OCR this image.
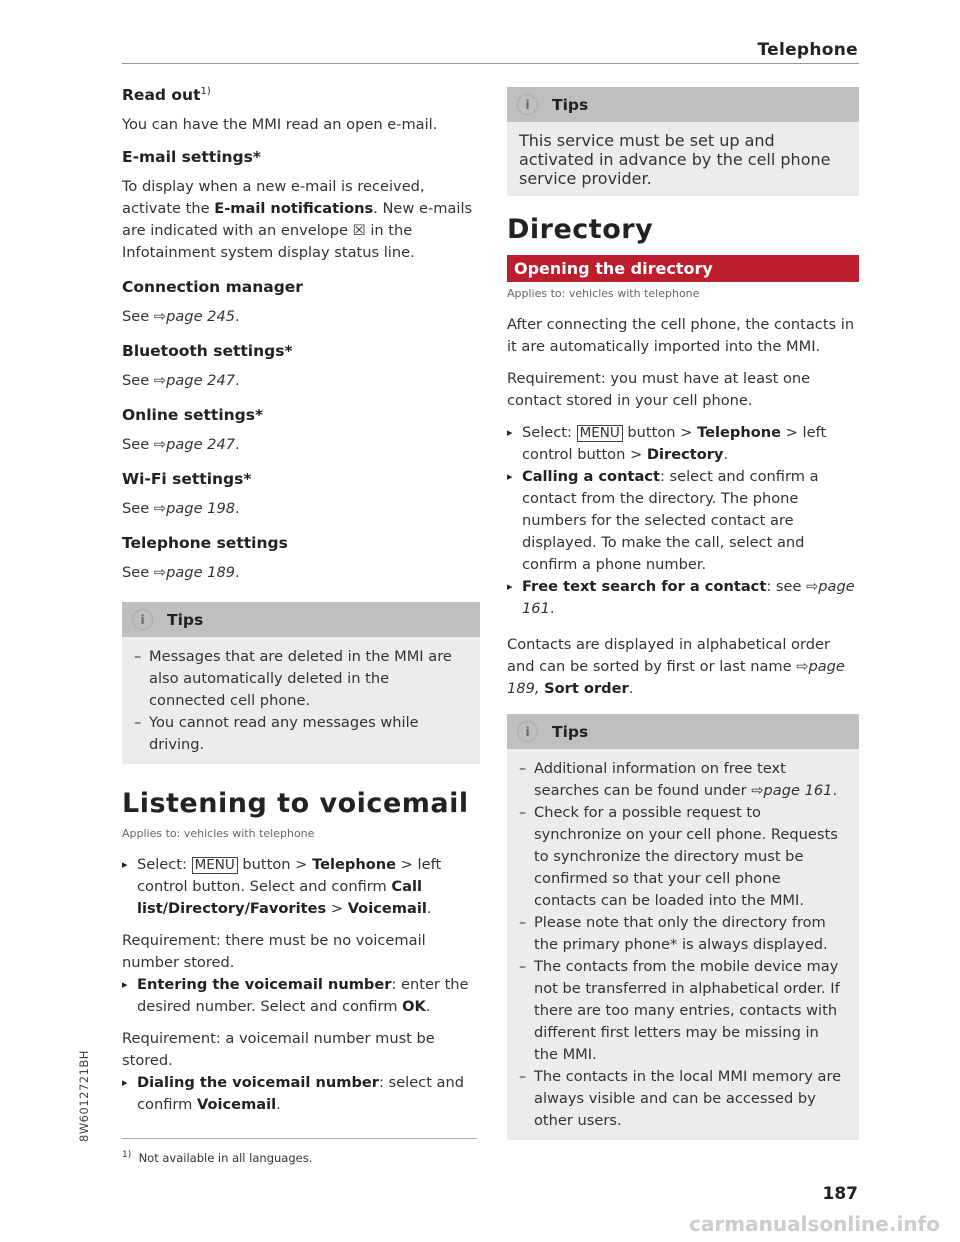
Telephone
Read out$^{1)}$

You can have the MMI read an open e-mail.

E-mail settings*

To display when a new e-mail is received, activate the E-mail notifications. New e-mails are indicated with an envelope ☒ in the Infotainment system display status line.

Connection manager

See ⇨page 245.

Bluetooth settings*

See ⇨page 247.

Online settings*

See ⇨page 247.

Wi-Fi settings*

See ⇨page 198.

Telephone settings

See ⇨page 189.

i	Tips

– Messages that are deleted in the MMI are also automatically deleted in the connected cell phone.

– You cannot read any messages while driving.

Listening to voicemail
Applies to: vehicles with telephone

▸ Select: MENU button > Telephone > left control button. Select and confirm Call list/Directory/Favorites > Voicemail.

Requirement: there must be no voicemail number stored.

▸ Entering the voicemail number: enter the desired number. Select and confirm OK.

Requirement: a voicemail number must be stored.

▸ Dialing the voicemail number: select and confirm Voicemail.

i	Tips
This service must be set up and activated in advance by the cell phone service provider.
Directory
Opening the directory
Applies to: vehicles with telephone

After connecting the cell phone, the contacts in it are automatically imported into the MMI.

Requirement: you must have at least one contact stored in your cell phone.

▸ Select: MENU button > Telephone > left control button > Directory.

▸ Calling a contact: select and confirm a contact from the directory. The phone numbers for the selected contact are displayed. To make the call, select and confirm a phone number.

▸ Free text search for a contact: see ⇨page 161.

Contacts are displayed in alphabetical order and can be sorted by first or last name ⇨page 189, Sort order.

i	Tips

– Additional information on free text searches can be found under ⇨page 161.

– Check for a possible request to synchronize on your cell phone. Requests to synchronize the directory must be confirmed so that your cell phone contacts can be loaded into the MMI.

– Please note that only the directory from the primary phone* is always displayed.

– The contacts from the mobile device may not be transferred in alphabetical order. If there are too many entries, contacts with different first letters may be missing in the MMI.

– The contacts in the local MMI memory are always visible and can be accessed by other users.

$^{1)}$ Not available in all languages.
8W6012721BH
187
carmanualsonline.info
